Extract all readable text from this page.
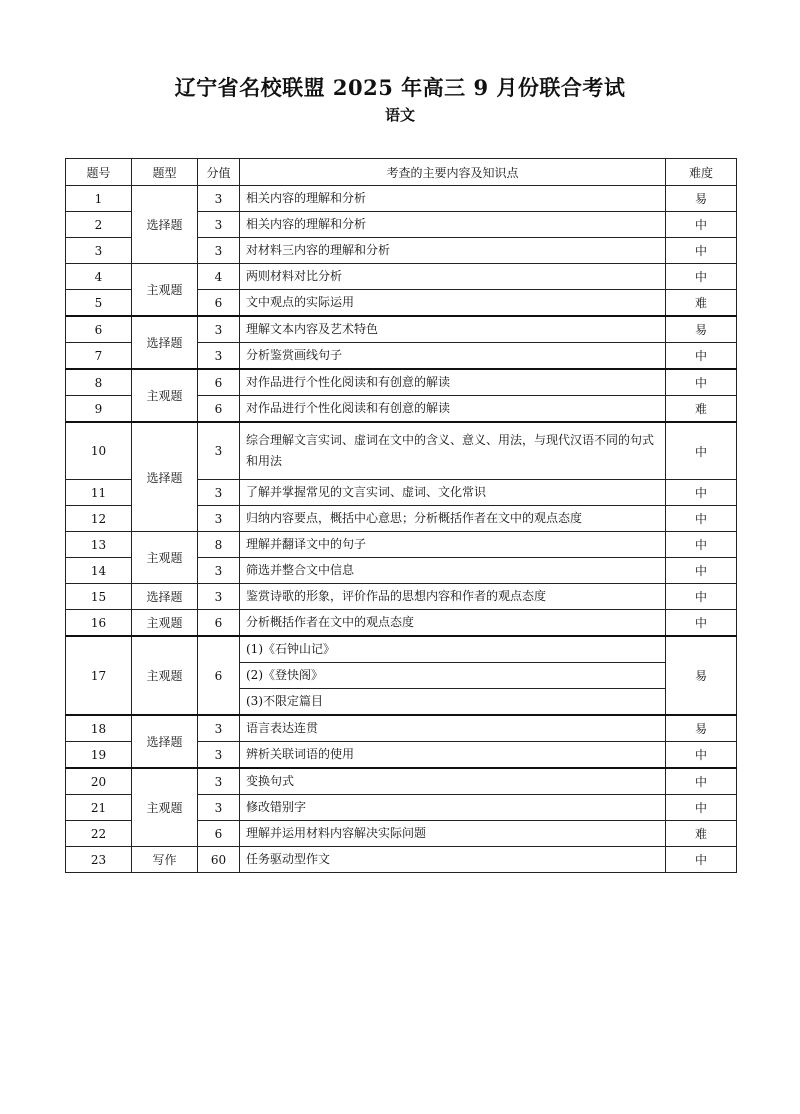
辽宁省名校联盟 2025 年高三 9 月份联合考试
语文
题号	题型	分值	考查的主要内容及知识点	难度
1	选择题	3	相关内容的理解和分析	易
2		3	相关内容的理解和分析	中
3		3	对材料三内容的理解和分析	中
4	主观题	4	两则材料对比分析	中
5		6	文中观点的实际运用	难
6	选择题	3	理解文本内容及艺术特色	易
7		3	分析鉴赏画线句子	中
8	主观题	6	对作品进行个性化阅读和有创意的解读	中
9		6	对作品进行个性化阅读和有创意的解读	难
10	选择题	3	综合理解文言实词、虚词在文中的含义、意义、用法，与现代汉语不同的句式和用法	中
11		3	了解并掌握常见的文言实词、虚词、文化常识	中
12		3	归纳内容要点，概括中心意思；分析概括作者在文中的观点态度	中
13	主观题	8	理解并翻译文中的句子	中
14		3	筛选并整合文中信息	中
15	选择题	3	鉴赏诗歌的形象，评价作品的思想内容和作者的观点态度	中
16	主观题	6	分析概括作者在文中的观点态度	中
17	主观题	6	(1)《石钟山记》	易
			(2)《登快阁》	
			(3)不限定篇目	
18	选择题	3	语言表达连贯	易
19		3	辨析关联词语的使用	中
20	主观题	3	变换句式	中
21		3	修改错别字	中
22		6	理解并运用材料内容解决实际问题	难
23	写作	60	任务驱动型作文	中
